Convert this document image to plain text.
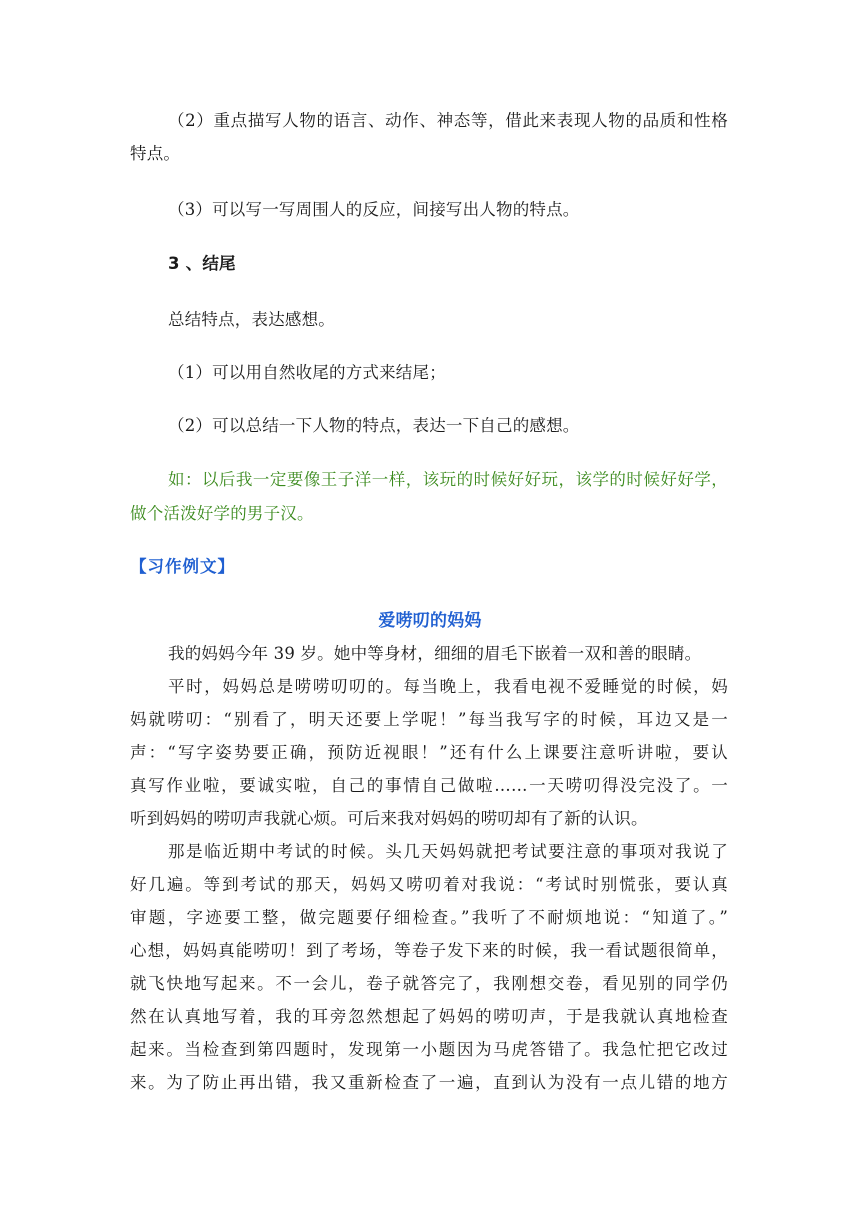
（2）重点描写人物的语言、动作、神态等，借此来表现人物的品质和性格
特点。
（3）可以写一写周围人的反应，间接写出人物的特点。
3 、结尾
总结特点，表达感想。
（1）可以用自然收尾的方式来结尾；
（2）可以总结一下人物的特点，表达一下自己的感想。
如：以后我一定要像王子洋一样，该玩的时候好好玩，该学的时候好好学，
做个活泼好学的男子汉。
【习作例文】
爱唠叨的妈妈
我的妈妈今年 39 岁。她中等身材，细细的眉毛下嵌着一双和善的眼睛。
平时，妈妈总是唠唠叨叨的。每当晚上，我看电视不爱睡觉的时候，妈
妈就唠叨：“别看了，明天还要上学呢！”每当我写字的时候，耳边又是一
声：“写字姿势要正确，预防近视眼！”还有什么上课要注意听讲啦，要认
真写作业啦，要诚实啦，自己的事情自己做啦……一天唠叨得没完没了。一
听到妈妈的唠叨声我就心烦。可后来我对妈妈的唠叨却有了新的认识。
那是临近期中考试的时候。头几天妈妈就把考试要注意的事项对我说了
好几遍。等到考试的那天，妈妈又唠叨着对我说：“考试时别慌张，要认真
审题，字迹要工整，做完题要仔细检查。”我听了不耐烦地说：“知道了。”
心想，妈妈真能唠叨！到了考场，等卷子发下来的时候，我一看试题很简单，
就飞快地写起来。不一会儿，卷子就答完了，我刚想交卷，看见别的同学仍
然在认真地写着，我的耳旁忽然想起了妈妈的唠叨声，于是我就认真地检查
起来。当检查到第四题时，发现第一小题因为马虎答错了。我急忙把它改过
来。为了防止再出错，我又重新检查了一遍，直到认为没有一点儿错的地方
